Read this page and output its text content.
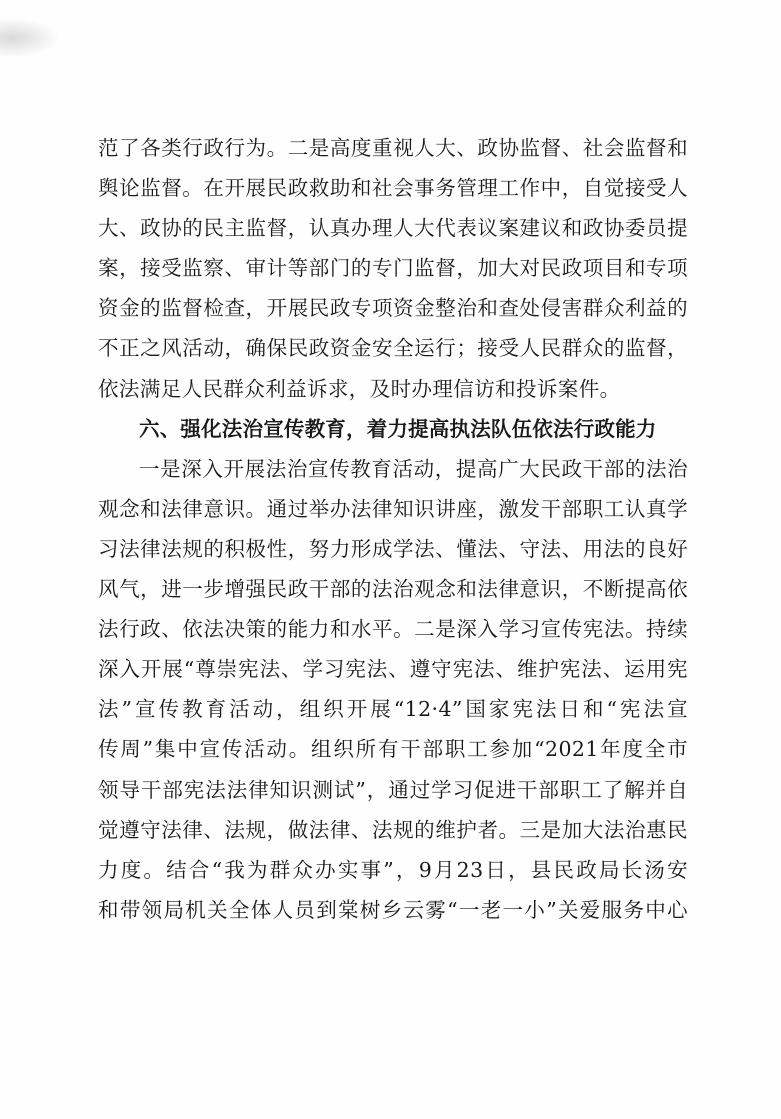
范了各类行政行为。二是高度重视人大、政协监督、社会监督和
舆论监督。在开展民政救助和社会事务管理工作中，自觉接受人
大、政协的民主监督，认真办理人大代表议案建议和政协委员提
案，接受监察、审计等部门的专门监督，加大对民政项目和专项
资金的监督检查，开展民政专项资金整治和查处侵害群众利益的
不正之风活动，确保民政资金安全运行；接受人民群众的监督，
依法满足人民群众利益诉求，及时办理信访和投诉案件。
六、强化法治宣传教育，着力提高执法队伍依法行政能力
一是深入开展法治宣传教育活动，提高广大民政干部的法治
观念和法律意识。通过举办法律知识讲座，激发干部职工认真学
习法律法规的积极性，努力形成学法、懂法、守法、用法的良好
风气，进一步增强民政干部的法治观念和法律意识，不断提高依
法行政、依法决策的能力和水平。二是深入学习宣传宪法。持续
深入开展“尊崇宪法、学习宪法、遵守宪法、维护宪法、运用宪
法”宣传教育活动，组织开展“12·4”国家宪法日和“宪法宣
传周”集中宣传活动。组织所有干部职工参加“2021年度全市
领导干部宪法法律知识测试”，通过学习促进干部职工了解并自
觉遵守法律、法规，做法律、法规的维护者。三是加大法治惠民
力度。结合“我为群众办实事”，9月23日，县民政局长汤安
和带领局机关全体人员到棠树乡云雾“一老一小”关爱服务中心
